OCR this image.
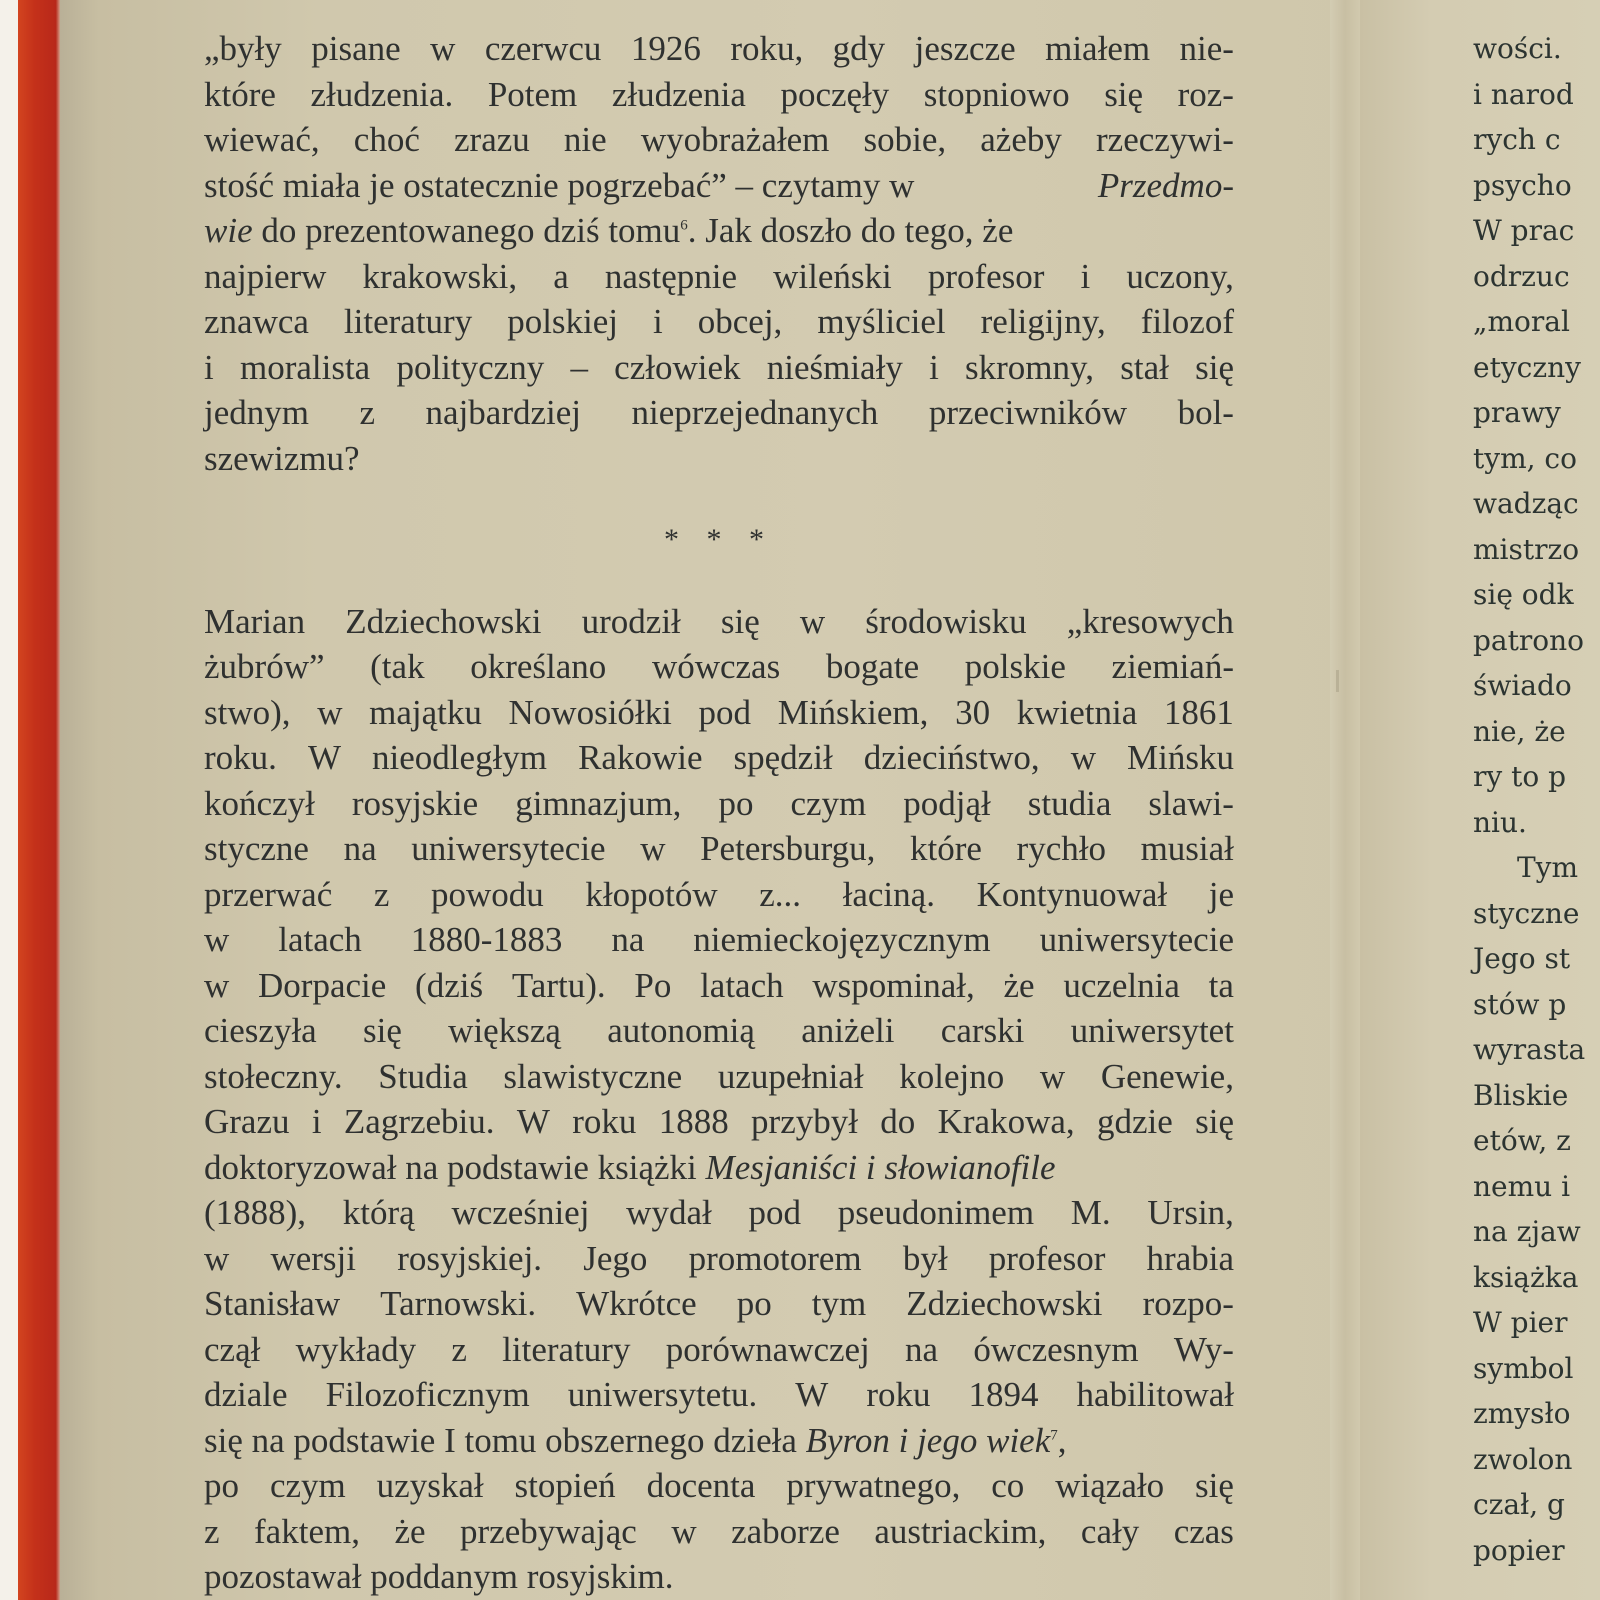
„były pisane w czerwcu 1926 roku, gdy jeszcze miałem nie-
które złudzenia. Potem złudzenia poczęły stopniowo się roz-
wiewać, choć zrazu nie wyobrażałem sobie, ażeby rzeczywi-
stość miała je ostatecznie pogrzebać” – czytamy w	Przedmo-
wie do prezentowanego dziś tomu$^6$. Jak doszło do tego, że
najpierw krakowski, a następnie wileński profesor i uczony,
znawca literatury polskiej i obcej, myśliciel religijny, filozof
i moralista polityczny – człowiek nieśmiały i skromny, stał się
jednym z najbardziej nieprzejednanych przeciwników bol-
szewizmu?
* * *
Marian Zdziechowski urodził się w środowisku „kresowych
żubrów” (tak określano wówczas bogate polskie ziemiań-
stwo), w majątku Nowosiółki pod Mińskiem, 30 kwietnia 1861
roku. W nieodległym Rakowie spędził dzieciństwo, w Mińsku
kończył rosyjskie gimnazjum, po czym podjął studia slawi-
styczne na uniwersytecie w Petersburgu, które rychło musiał
przerwać z powodu kłopotów z... łaciną. Kontynuował je
w latach 1880-1883 na niemieckojęzycznym uniwersytecie
w Dorpacie (dziś Tartu). Po latach wspominał, że uczelnia ta
cieszyła się większą autonomią aniżeli carski uniwersytet
stołeczny. Studia slawistyczne uzupełniał kolejno w Genewie,
Grazu i Zagrzebiu. W roku 1888 przybył do Krakowa, gdzie się
doktoryzował na podstawie książki Mesjaniści i słowianofile
(1888), którą wcześniej wydał pod pseudonimem M. Ursin,
w wersji rosyjskiej. Jego promotorem był profesor hrabia
Stanisław Tarnowski. Wkrótce po tym Zdziechowski rozpo-
czął wykłady z literatury porównawczej na ówczesnym Wy-
dziale Filozoficznym uniwersytetu. W roku 1894 habilitował
się na podstawie I tomu obszernego dzieła Byron i jego wiek$^7$,
po czym uzyskał stopień docenta prywatnego, co wiązało się
z faktem, że przebywając w zaborze austriackim, cały czas
pozostawał poddanym rosyjskim.
wości.
i narod
rych c
psycho
W prac
odrzuc
„moral
etyczny
prawy
tym, co
wadząc
mistrzo
się odk
patrono
świado
nie, że
ry to p
niu.
Tym
styczne
Jego st
stów p
wyrasta
Bliskie
etów, z
nemu i
na zjaw
książka
W pier
symbol
zmysło
zwolon
czał, g
popier
